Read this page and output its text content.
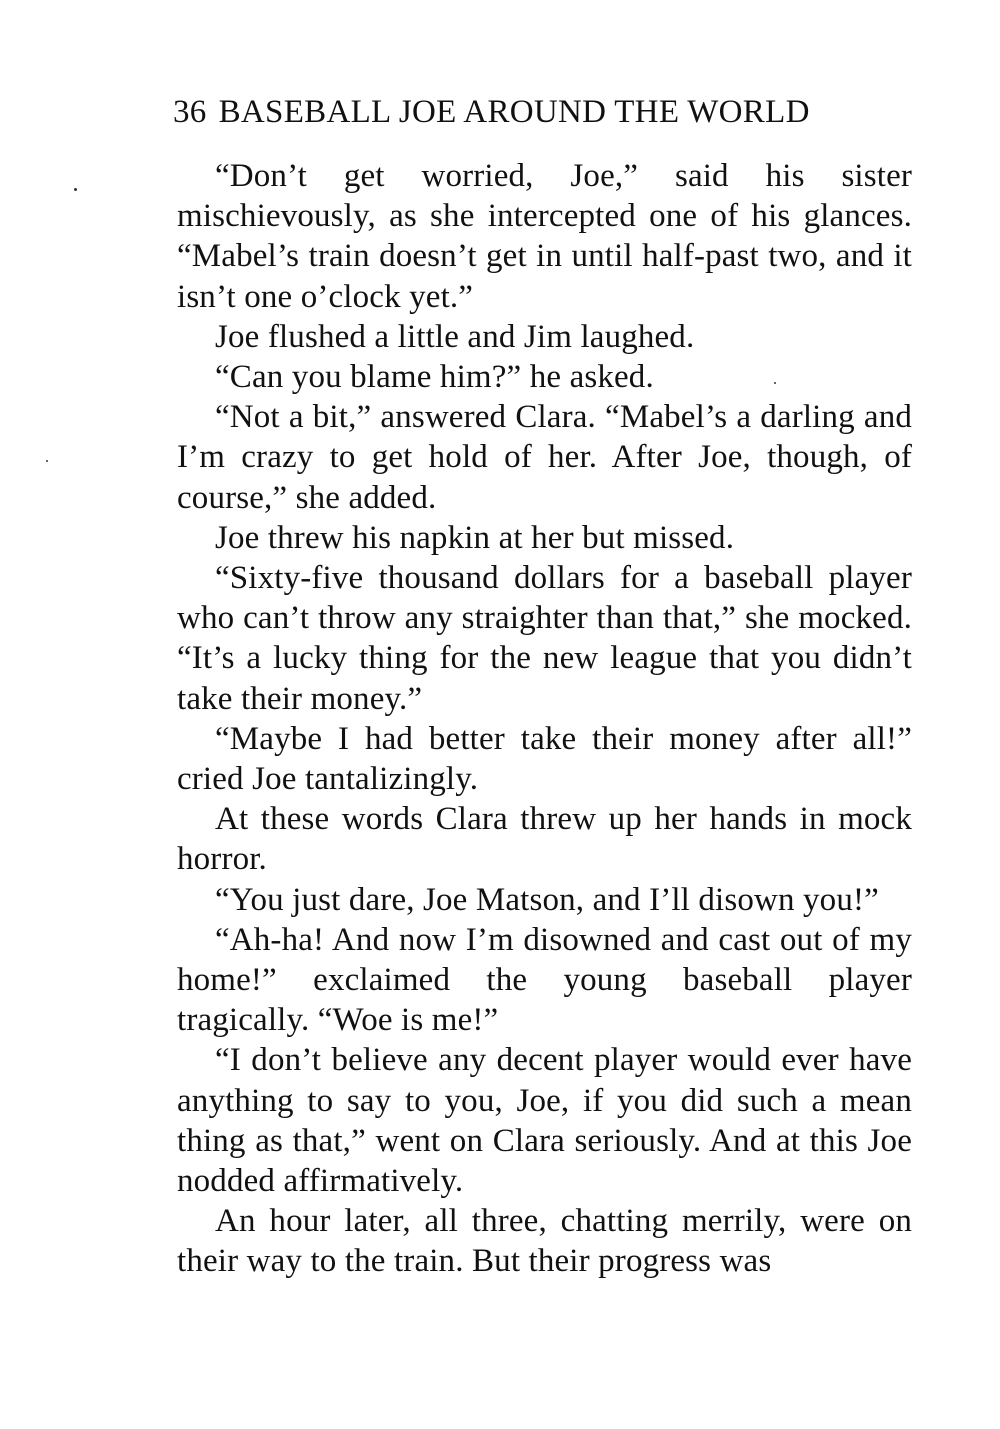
36 BASEBALL JOE AROUND THE WORLD

“Don’t get worried, Joe,” said his sister mischievously, as she intercepted one of his glances. “Mabel’s train doesn’t get in until half-past two, and it isn’t one o’clock yet.”

Joe flushed a little and Jim laughed.

“Can you blame him?” he asked.

“Not a bit,” answered Clara. “Mabel’s a darling and I’m crazy to get hold of her. After Joe, though, of course,” she added.

Joe threw his napkin at her but missed.

“Sixty-five thousand dollars for a baseball player who can’t throw any straighter than that,” she mocked. “It’s a lucky thing for the new league that you didn’t take their money.”

“Maybe I had better take their money after all!” cried Joe tantalizingly.

At these words Clara threw up her hands in mock horror.

“You just dare, Joe Matson, and I’ll disown you!”

“Ah-ha! And now I’m disowned and cast out of my home!” exclaimed the young baseball player tragically. “Woe is me!”

“I don’t believe any decent player would ever have anything to say to you, Joe, if you did such a mean thing as that,” went on Clara seriously. And at this Joe nodded affirmatively.

An hour later, all three, chatting merrily, were on their way to the train. But their progress was
